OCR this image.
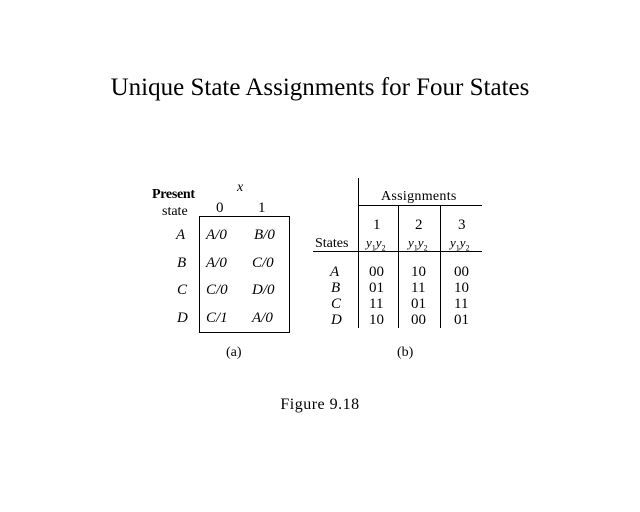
Unique State Assignments for Four States
Present
state
x
0 1
A A/0 B/0
B A/0 C/0
C C/0 D/0
D C/1 A/0
(a)
Assignments
States
1 2 3
$y_1y_2$ $y_1y_2$ $y_1y_2$
A 00 10 00
B 01 11 10
C 11 01 11
D 10 00 01
(b)
Figure 9.18
